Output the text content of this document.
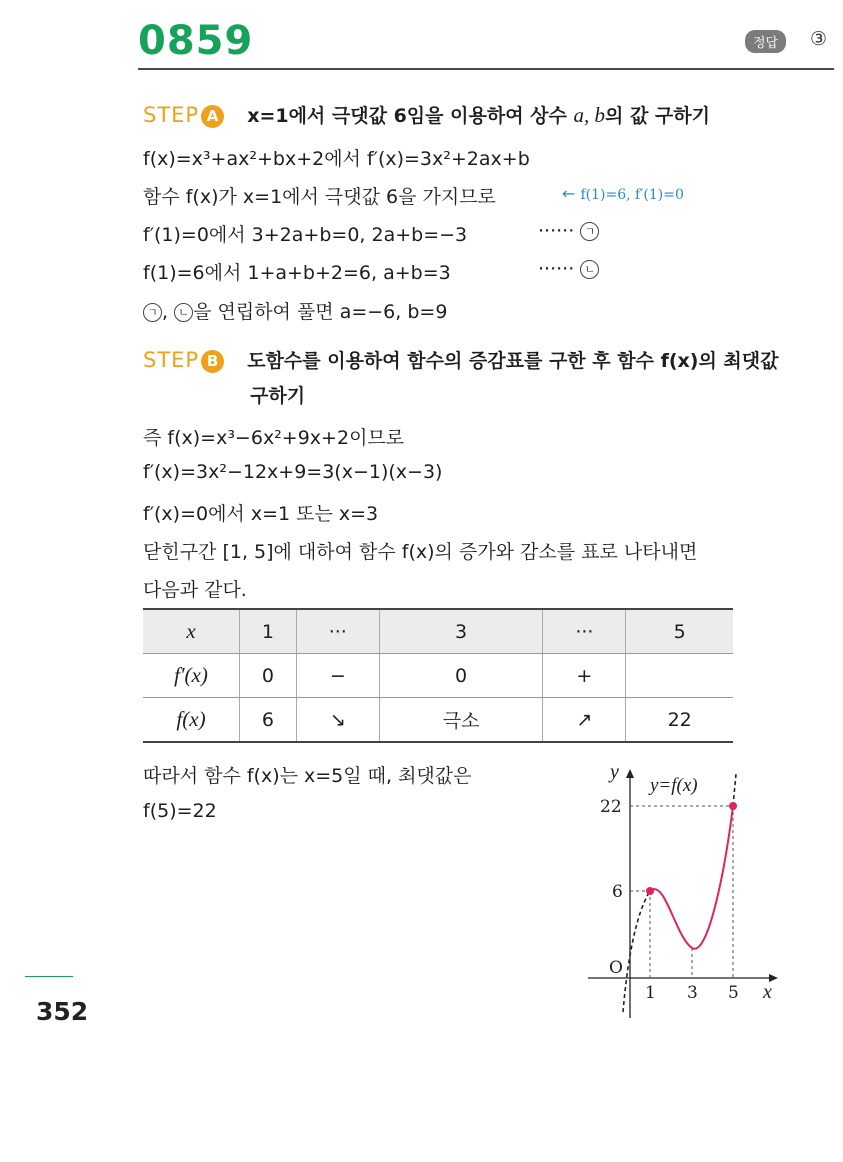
0859	정답	③
STEP A x=1에서 극댓값 6임을 이용하여 상수 a, b의 값 구하기
f(x)=x³+ax²+bx+2에서 f′(x)=3x²+2ax+b
함수 f(x)가 x=1에서 극댓값 6을 가지므로	← f(1)=6, f′(1)=0
f′(1)=0에서 3+2a+b=0, 2a+b=−3	······ ㄱ
f(1)=6에서 1+a+b+2=6, a+b=3	······ ㄴ
ㄱ , ㄴ 을 연립하여 풀면 a=−6, b=9
STEP B 도함수를 이용하여 함수의 증감표를 구한 후 함수 f(x)의 최댓값
구하기
즉 f(x)=x³−6x²+9x+2이므로
f′(x)=3x²−12x+9=3(x−1)(x−3)
f′(x)=0에서 x=1 또는 x=3
닫힌구간 [1, 5]에 대하여 함수 f(x)의 증가와 감소를 표로 나타내면
다음과 같다.
x	1	···	3	···	5
f′(x)	0	−	0	+	
f(x)	6	↘	극소	↗	22
따라서 함수 f(x)는 x=5일 때, 최댓값은
f(5)=22
y
x
O
y=f(x)
22
6
1 3 5
352
